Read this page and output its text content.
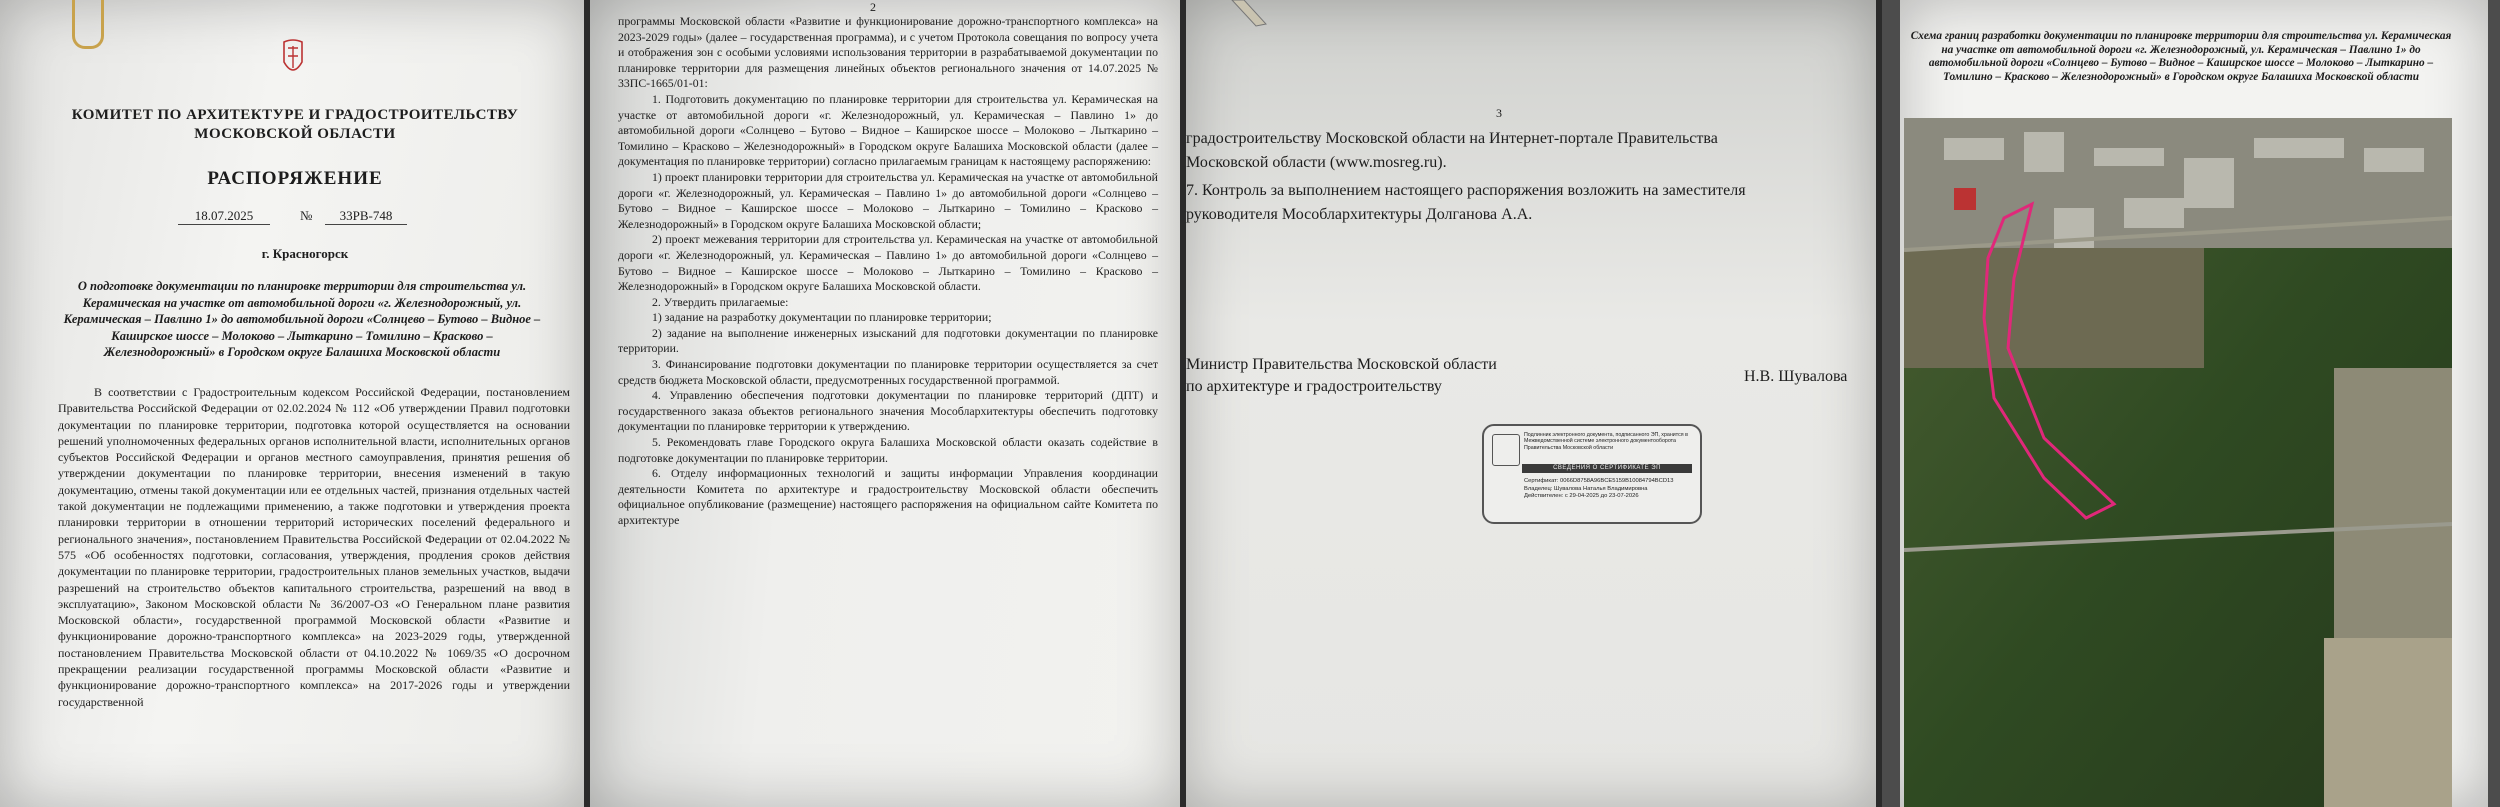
КОМИТЕТ ПО АРХИТЕКТУРЕ И ГРАДОСТРОИТЕЛЬСТВУ МОСКОВСКОЙ ОБЛАСТИ
РАСПОРЯЖЕНИЕ
18.07.2025	№	33РВ-748
г. Красногорск
О подготовке документации по планировке территории для строительства ул. Керамическая на участке от автомобильной дороги «г. Железнодорожный, ул. Керамическая – Павлино 1» до автомобильной дороги «Солнцево – Бутово – Видное – Каширское шоссе – Молоково – Лыткарино – Томилино – Красково – Железнодорожный» в Городском округе Балашиха Московской области

В соответствии с Градостроительным кодексом Российской Федерации, постановлением Правительства Российской Федерации от 02.02.2024 № 112 «Об утверждении Правил подготовки документации по планировке территории, подготовка которой осуществляется на основании решений уполномоченных федеральных органов исполнительной власти, исполнительных органов субъектов Российской Федерации и органов местного самоуправления, принятия решения об утверждении документации по планировке территории, внесения изменений в такую документацию, отмены такой документации или ее отдельных частей, признания отдельных частей такой документации не подлежащими применению, а также подготовки и утверждения проекта планировки территории в отношении территорий исторических поселений федерального и регионального значения», постановлением Правительства Российской Федерации от 02.04.2022 № 575 «Об особенностях подготовки, согласования, утверждения, продления сроков действия документации по планировке территории, градостроительных планов земельных участков, выдачи разрешений на строительство объектов капитального строительства, разрешений на ввод в эксплуатацию», Законом Московской области № 36/2007-ОЗ «О Генеральном плане развития Московской области», государственной программой Московской области «Развитие и функционирование дорожно-транспортного комплекса» на 2023-2029 годы, утвержденной постановлением Правительства Московской области от 04.10.2022 № 1069/35 «О досрочном прекращении реализации государственной программы Московской области «Развитие и функционирование дорожно-транспортного комплекса» на 2017-2026 годы и утверждении государственной

2

программы Московской области «Развитие и функционирование дорожно-транспортного комплекса» на 2023-2029 годы» (далее – государственная программа), и с учетом Протокола совещания по вопросу учета и отображения зон с особыми условиями использования территории в разрабатываемой документации по планировке территории для размещения линейных объектов регионального значения от 14.07.2025 № 33ПС-1665/01-01:

1. Подготовить документацию по планировке территории для строительства ул. Керамическая на участке от автомобильной дороги «г. Железнодорожный, ул. Керамическая – Павлино 1» до автомобильной дороги «Солнцево – Бутово – Видное – Каширское шоссе – Молоково – Лыткарино – Томилино – Красково – Железнодорожный» в Городском округе Балашиха Московской области (далее – документация по планировке территории) согласно прилагаемым границам к настоящему распоряжению:

1) проект планировки территории для строительства ул. Керамическая на участке от автомобильной дороги «г. Железнодорожный, ул. Керамическая – Павлино 1» до автомобильной дороги «Солнцево – Бутово – Видное – Каширское шоссе – Молоково – Лыткарино – Томилино – Красково – Железнодорожный» в Городском округе Балашиха Московской области;

2) проект межевания территории для строительства ул. Керамическая на участке от автомобильной дороги «г. Железнодорожный, ул. Керамическая – Павлино 1» до автомобильной дороги «Солнцево – Бутово – Видное – Каширское шоссе – Молоково – Лыткарино – Томилино – Красково – Железнодорожный» в Городском округе Балашиха Московской области.

2. Утвердить прилагаемые:

1) задание на разработку документации по планировке территории;

2) задание на выполнение инженерных изысканий для подготовки документации по планировке территории.

3. Финансирование подготовки документации по планировке территории осуществляется за счет средств бюджета Московской области, предусмотренных государственной программой.

4. Управлению обеспечения подготовки документации по планировке территорий (ДПТ) и государственного заказа объектов регионального значения Мособлархитектуры обеспечить подготовку документации по планировке территории к утверждению.

5. Рекомендовать главе Городского округа Балашиха Московской области оказать содействие в подготовке документации по планировке территории.

6. Отделу информационных технологий и защиты информации Управления координации деятельности Комитета по архитектуре и градостроительству Московской области обеспечить официальное опубликование (размещение) настоящего распоряжения на официальном сайте Комитета по архитектуре

3
градостроительству Московской области на Интернет-портале Правительства
Московской области (www.mosreg.ru).
7. Контроль за выполнением настоящего распоряжения возложить на заместителя
руководителя Мособлархитектуры Долганова А.А.
Министр Правительства Московской области
по архитектуре и градостроительству
Н.В. Шувалова
Подлинник электронного документа, подписанного ЭП, хранится в Межведомственной системе электронного документооборота Правительства Московской области
СВЕДЕНИЯ О СЕРТИФИКАТЕ ЭП
Сертификат: 0066D8758A96BCE5159B10084794BCD13
Владелец: Шувалова Наталья Владимировна
Действителен: с 29-04-2025 до 23-07-2026
Схема границ разработки документации по планировке территории для строительства ул. Керамическая на участке от автомобильной дороги «г. Железнодорожный, ул. Керамическая – Павлино 1» до автомобильной дороги «Солнцево – Бутово – Видное – Каширское шоссе – Молоково – Лыткарино – Томилино – Красково – Железнодорожный» в Городском округе Балашиха Московской области
